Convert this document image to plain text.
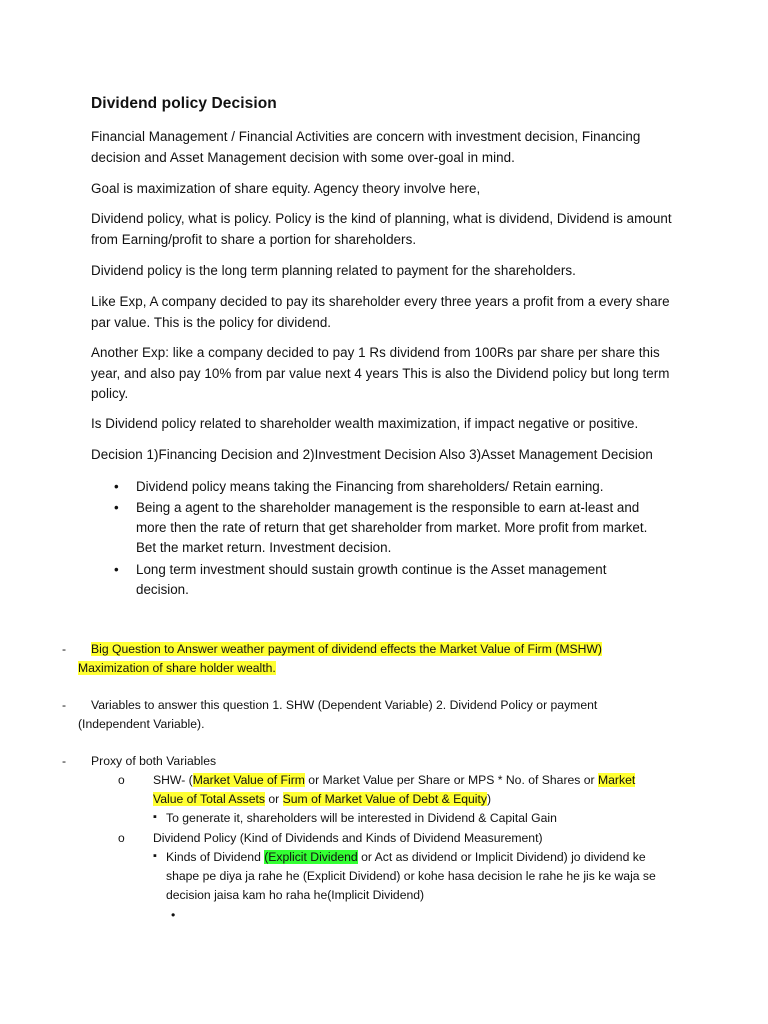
Dividend policy Decision
Financial Management / Financial Activities are concern with investment decision, Financing decision and Asset Management decision with some over-goal in mind.
Goal is maximization of share equity. Agency theory involve here,
Dividend policy, what is policy. Policy is the kind of planning, what is dividend, Dividend is amount from Earning/profit to share a portion for shareholders.
Dividend policy is the long term planning related to payment for the shareholders.
Like Exp, A company decided to pay its shareholder every three years a profit from a every share par value. This is the policy for dividend.
Another Exp: like a company decided to pay 1 Rs dividend from 100Rs par share per share this year, and also pay 10% from par value next 4 years This is also the Dividend policy but long term policy.
Is Dividend policy related to shareholder wealth maximization, if impact negative or positive.
Decision 1)Financing Decision and 2)Investment Decision Also 3)Asset Management Decision
• Dividend policy means taking the Financing from shareholders/ Retain earning.
• Being a agent to the shareholder management is the responsible to earn at-least and more then the rate of return that get shareholder from market. More profit from market. Bet the market return. Investment decision.
• Long term investment should sustain growth continue is the Asset management decision.
- Big Question to Answer weather payment of dividend effects the Market Value of Firm (MSHW)
Maximization of share holder wealth.
- Variables to answer this question 1. SHW (Dependent Variable) 2. Dividend Policy or payment
(Independent Variable).
- Proxy of both Variables
o SHW- (Market Value of Firm or Market Value per Share or MPS * No. of Shares or Market
Value of Total Assets or Sum of Market Value of Debt & Equity)
▪ To generate it, shareholders will be interested in Dividend & Capital Gain
o Dividend Policy (Kind of Dividends and Kinds of Dividend Measurement)
▪ Kinds of Dividend (Explicit Dividend or Act as dividend or Implicit Dividend) jo dividend ke
shape pe diya ja rahe he (Explicit Dividend) or kohe hasa decision le rahe he jis ke waja se
decision jaisa kam ho raha he(Implicit Dividend)
•
